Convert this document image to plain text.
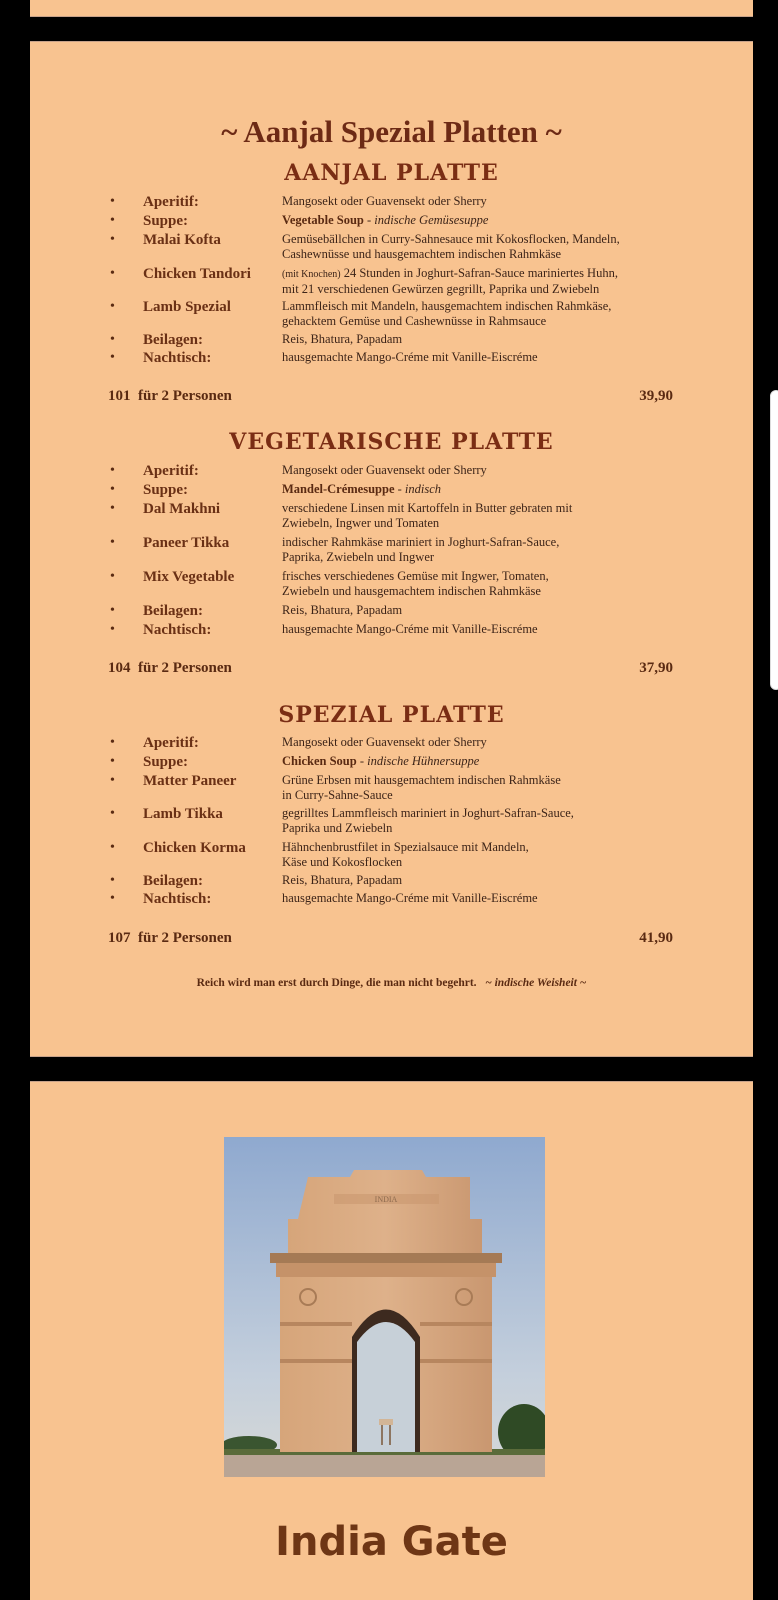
~ Aanjal Spezial Platten ~
AANJAL PLATTE
• Aperitif:	Mangosekt oder Guavensekt oder Sherry
• Suppe:	Vegetable Soup - indische Gemüsesuppe
• Malai Kofta	Gemüsebällchen in Curry-Sahnesauce mit Kokosflocken, Mandeln,
Cashewnüsse und hausgemachtem indischen Rahmkäse
• Chicken Tandori	(mit Knochen) 24 Stunden in Joghurt-Safran-Sauce mariniertes Huhn,
mit 21 verschiedenen Gewürzen gegrillt, Paprika und Zwiebeln
• Lamb Spezial	Lammfleisch mit Mandeln, hausgemachtem indischen Rahmkäse,
gehacktem Gemüse und Cashewnüsse in Rahmsauce
• Beilagen:	Reis, Bhatura, Papadam
• Nachtisch:	hausgemachte Mango-Créme mit Vanille-Eiscréme
101 für 2 Personen	39,90
VEGETARISCHE PLATTE
• Aperitif:	Mangosekt oder Guavensekt oder Sherry
• Suppe:	Mandel-Crémesuppe - indisch
• Dal Makhni	verschiedene Linsen mit Kartoffeln in Butter gebraten mit
Zwiebeln, Ingwer und Tomaten
• Paneer Tikka	indischer Rahmkäse mariniert in Joghurt-Safran-Sauce,
Paprika, Zwiebeln und Ingwer
• Mix Vegetable	frisches verschiedenes Gemüse mit Ingwer, Tomaten,
Zwiebeln und hausgemachtem indischen Rahmkäse
• Beilagen:	Reis, Bhatura, Papadam
• Nachtisch:	hausgemachte Mango-Créme mit Vanille-Eiscréme
104 für 2 Personen	37,90
SPEZIAL PLATTE
• Aperitif:	Mangosekt oder Guavensekt oder Sherry
• Suppe:	Chicken Soup - indische Hühnersuppe
• Matter Paneer	Grüne Erbsen mit hausgemachtem indischen Rahmkäse
in Curry-Sahne-Sauce
• Lamb Tikka	gegrilltes Lammfleisch mariniert in Joghurt-Safran-Sauce,
Paprika und Zwiebeln
• Chicken Korma	Hähnchenbrustfilet in Spezialsauce mit Mandeln,
Käse und Kokosflocken
• Beilagen:	Reis, Bhatura, Papadam
• Nachtisch:	hausgemachte Mango-Créme mit Vanille-Eiscréme
107 für 2 Personen	41,90
Reich wird man erst durch Dinge, die man nicht begehrt. ~ indische Weisheit ~
INDIA
India Gate
